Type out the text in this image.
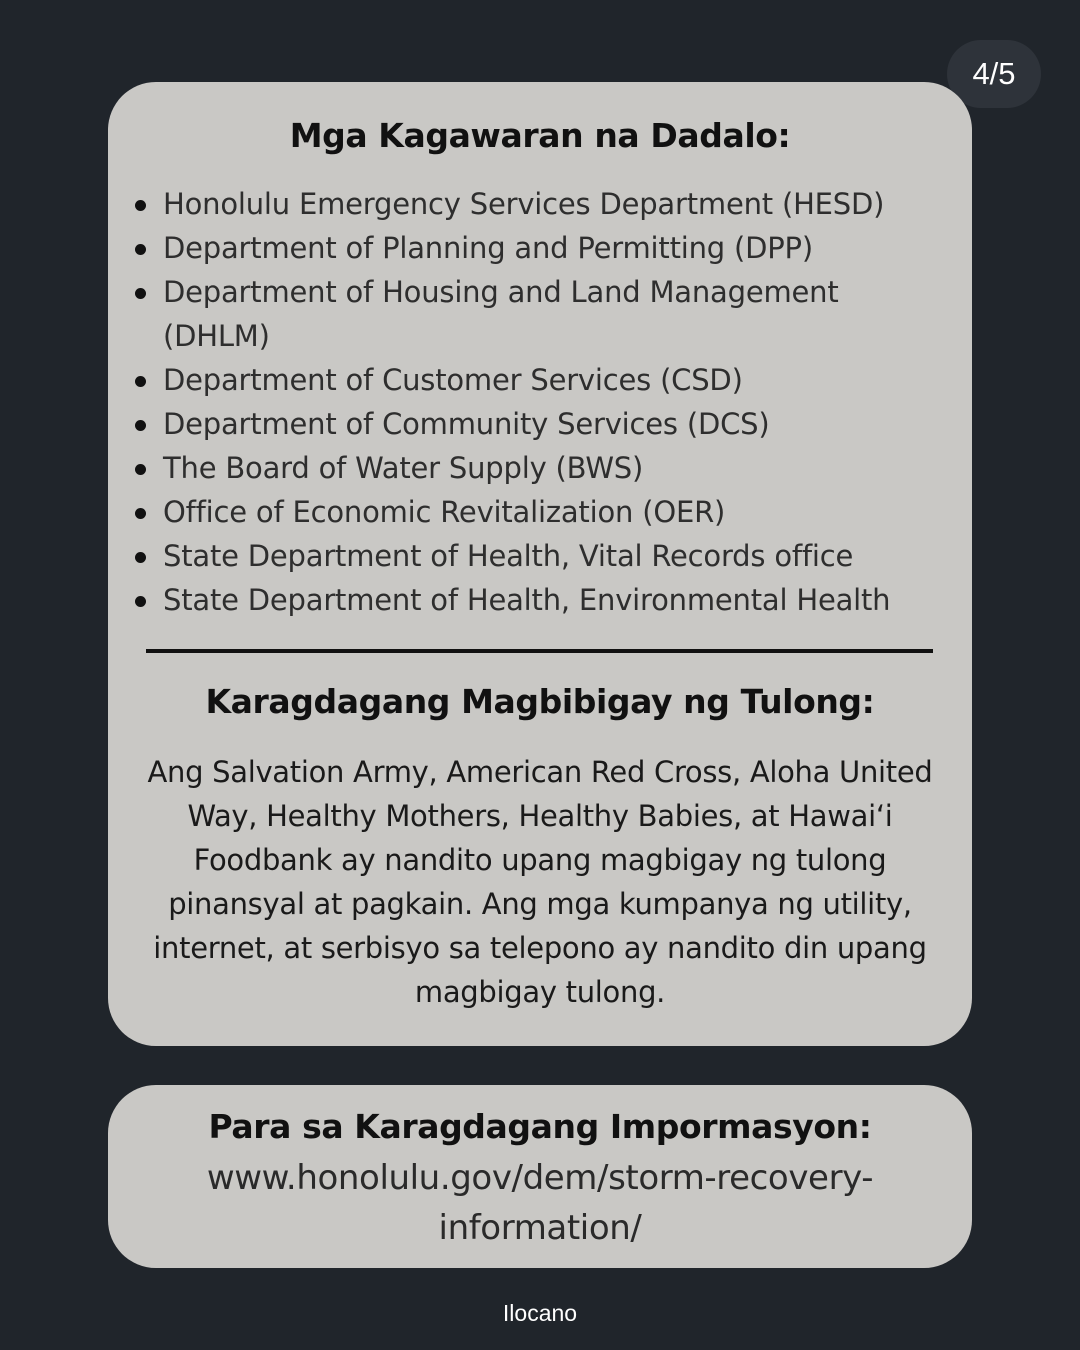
4/5
Mga Kagawaran na Dadalo:
Honolulu Emergency Services Department (HESD)
Department of Planning and Permitting (DPP)
Department of Housing and Land Management (DHLM)
Department of Customer Services (CSD)
Department of Community Services (DCS)
The Board of Water Supply (BWS)
Office of Economic Revitalization (OER)
State Department of Health, Vital Records office
State Department of Health, Environmental Health
Karagdagang Magbibigay ng Tulong:

Ang Salvation Army, American Red Cross, Aloha United Way, Healthy Mothers, Healthy Babies, at Hawai‘i Foodbank ay nandito upang magbigay ng tulong pinansyal at pagkain. Ang mga kumpanya ng utility, internet, at serbisyo sa telepono ay nandito din upang magbigay tulong.

Para sa Karagdagang Impormasyon:
www.honolulu.gov/dem/storm-recovery-information/
Ilocano
